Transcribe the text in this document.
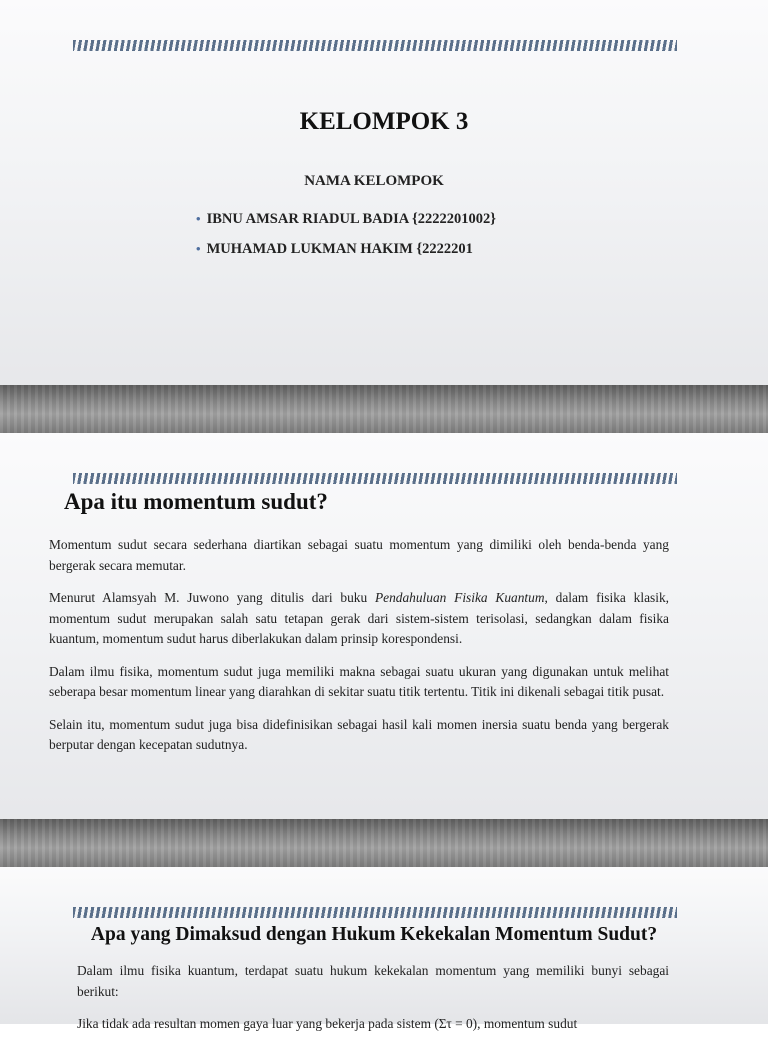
KELOMPOK 3
NAMA KELOMPOK
• IBNU AMSAR RIADUL BADIA {2222201002}
• MUHAMAD LUKMAN HAKIM {2222201
Apa itu momentum sudut?

Momentum sudut secara sederhana diartikan sebagai suatu momentum yang dimiliki oleh benda-benda yang bergerak secara memutar.

Menurut Alamsyah M. Juwono yang ditulis dari buku Pendahuluan Fisika Kuantum, dalam fisika klasik, momentum sudut merupakan salah satu tetapan gerak dari sistem-sistem terisolasi, sedangkan dalam fisika kuantum, momentum sudut harus diberlakukan dalam prinsip korespondensi.

Dalam ilmu fisika, momentum sudut juga memiliki makna sebagai suatu ukuran yang digunakan untuk melihat seberapa besar momentum linear yang diarahkan di sekitar suatu titik tertentu. Titik ini dikenali sebagai titik pusat.

Selain itu, momentum sudut juga bisa didefinisikan sebagai hasil kali momen inersia suatu benda yang bergerak berputar dengan kecepatan sudutnya.

Apa yang Dimaksud dengan Hukum Kekekalan Momentum Sudut?

Dalam ilmu fisika kuantum, terdapat suatu hukum kekekalan momentum yang memiliki bunyi sebagai berikut:

Jika tidak ada resultan momen gaya luar yang bekerja pada sistem (Στ = 0), momentum sudut
